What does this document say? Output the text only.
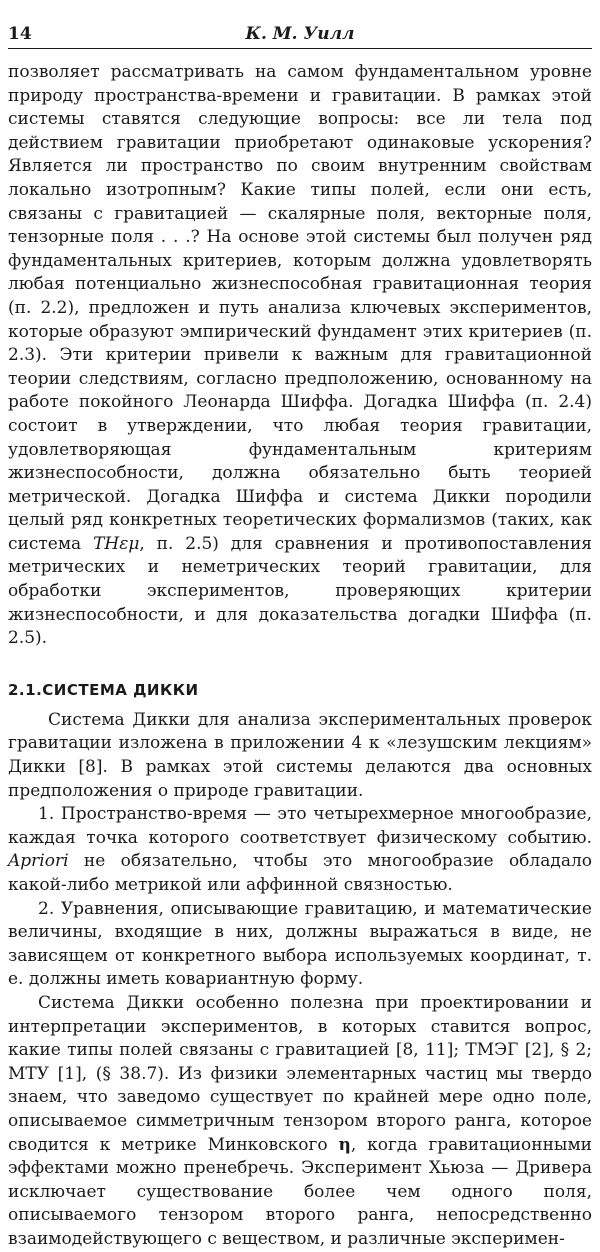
14	К. М. Уилл

позволяет рассматривать на самом фундаментальном уровне природу пространства-времени и гравитации. В рамках этой системы ставятся следующие вопросы: все ли тела под действием гравитации приобретают одинаковые ускорения? Является ли пространство по своим внутренним свойствам локально изотропным? Какие типы полей, если они есть, связаны с гравитацией — скалярные поля, векторные поля, тензорные поля . . .? На основе этой системы был получен ряд фундаментальных критериев, которым должна удовлетворять любая потенциально жизнеспособная гравитационная теория (п. 2.2), предложен и путь анализа ключевых экспериментов, которые образуют эмпирический фундамент этих критериев (п. 2.3). Эти критерии привели к важным для гравитационной теории следствиям, согласно предположению, основанному на работе покойного Леонарда Шиффа. Догадка Шиффа (п. 2.4) состоит в утверждении, что любая теория гравитации, удовлетворяющая фундаментальным критериям жизнеспособности, должна обязательно быть теорией метрической. Догадка Шиффа и система Дикки породили целый ряд конкретных теоретических формализмов (таких, как система THεμ, п. 2.5) для сравнения и противопоставления метрических и неметрических теорий гравитации, для обработки экспериментов, проверяющих критерии жизнеспособности, и для доказательства догадки Шиффа (п. 2.5).

2.1.СИСТЕМА ДИККИ

Система Дикки для анализа экспериментальных проверок гравитации изложена в приложении 4 к «лезушским лекциям» Дикки [8]. В рамках этой системы делаются два основных предположения о природе гравитации.

1. Пространство-время — это четырехмерное многообразие, каждая точка которого соответствует физическому событию. Apriori не обязательно, чтобы это многообразие обладало какой-либо метрикой или аффинной связностью.

2. Уравнения, описывающие гравитацию, и математические величины, входящие в них, должны выражаться в виде, не зависящем от конкретного выбора используемых координат, т. е. должны иметь ковариантную форму.

Система Дикки особенно полезна при проектировании и интерпретации экспериментов, в которых ставится вопрос, какие типы полей связаны с гравитацией [8, 11]; ТМЭГ [2], § 2; МТУ [1], (§ 38.7). Из физики элементарных частиц мы твердо знаем, что заведомо существует по крайней мере одно поле, описываемое симметричным тензором второго ранга, которое сводится к метрике Минковского η, когда гравитационными эффектами можно пренебречь. Эксперимент Хьюза — Дривера исключает существование более чем одного поля, описываемого тензором второго ранга, непосредственно взаимодействующего с веществом, и различные эксперимен-
